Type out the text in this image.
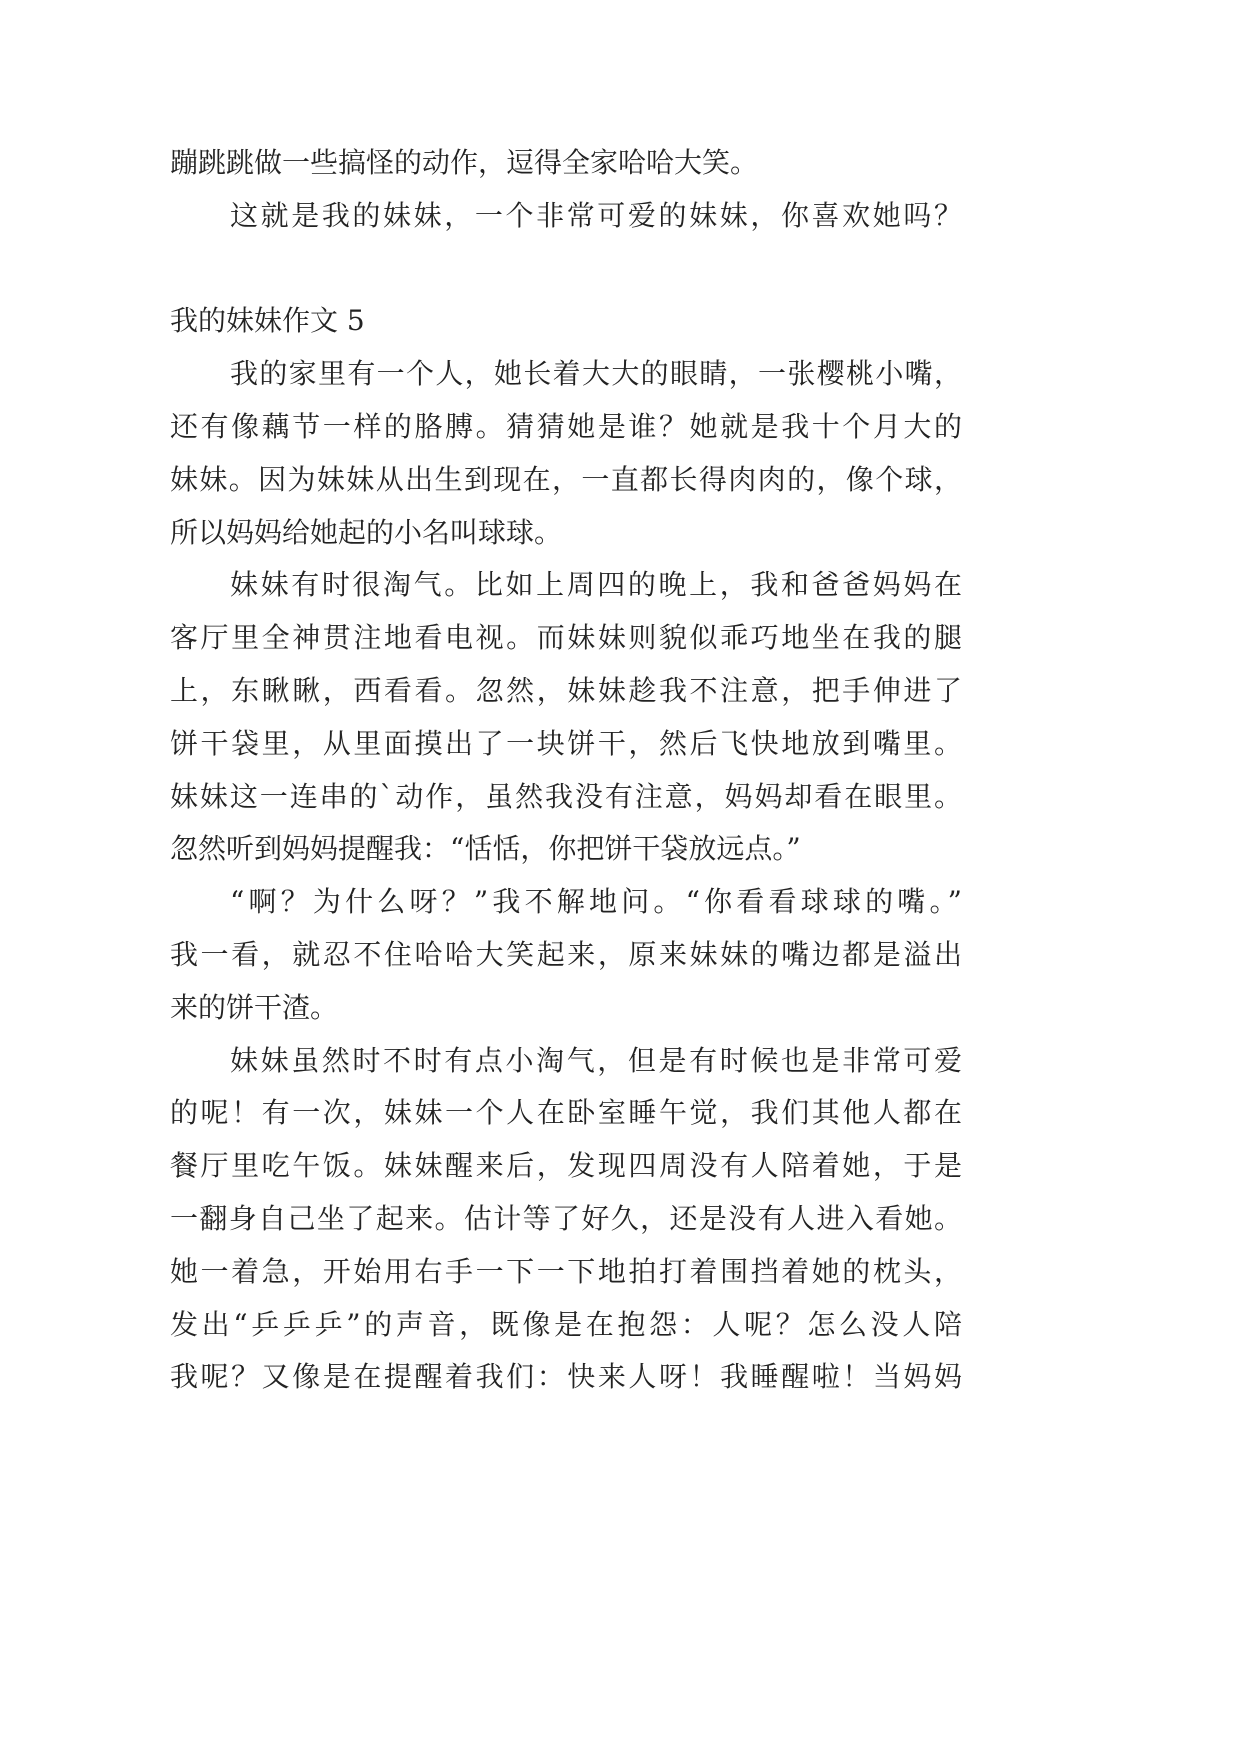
蹦跳跳做一些搞怪的动作，逗得全家哈哈大笑。
这就是我的妹妹，一个非常可爱的妹妹，你喜欢她吗？
我的妹妹作文 5
我的家里有一个人，她长着大大的眼睛，一张樱桃小嘴，
还有像藕节一样的胳膊。猜猜她是谁？她就是我十个月大的
妹妹。因为妹妹从出生到现在，一直都长得肉肉的，像个球，
所以妈妈给她起的小名叫球球。
妹妹有时很淘气。比如上周四的晚上，我和爸爸妈妈在
客厅里全神贯注地看电视。而妹妹则貌似乖巧地坐在我的腿
上，东瞅瞅，西看看。忽然，妹妹趁我不注意，把手伸进了
饼干袋里，从里面摸出了一块饼干，然后飞快地放到嘴里。
妹妹这一连串的`动作，虽然我没有注意，妈妈却看在眼里。
忽然听到妈妈提醒我：“恬恬，你把饼干袋放远点。”
“啊？为什么呀？”我不解地问。“你看看球球的嘴。”
我一看，就忍不住哈哈大笑起来，原来妹妹的嘴边都是溢出
来的饼干渣。
妹妹虽然时不时有点小淘气，但是有时候也是非常可爱
的呢！有一次，妹妹一个人在卧室睡午觉，我们其他人都在
餐厅里吃午饭。妹妹醒来后，发现四周没有人陪着她，于是
一翻身自己坐了起来。估计等了好久，还是没有人进入看她。
她一着急，开始用右手一下一下地拍打着围挡着她的枕头，
发出“乒乒乒”的声音，既像是在抱怨：人呢？怎么没人陪
我呢？又像是在提醒着我们：快来人呀！我睡醒啦！当妈妈
